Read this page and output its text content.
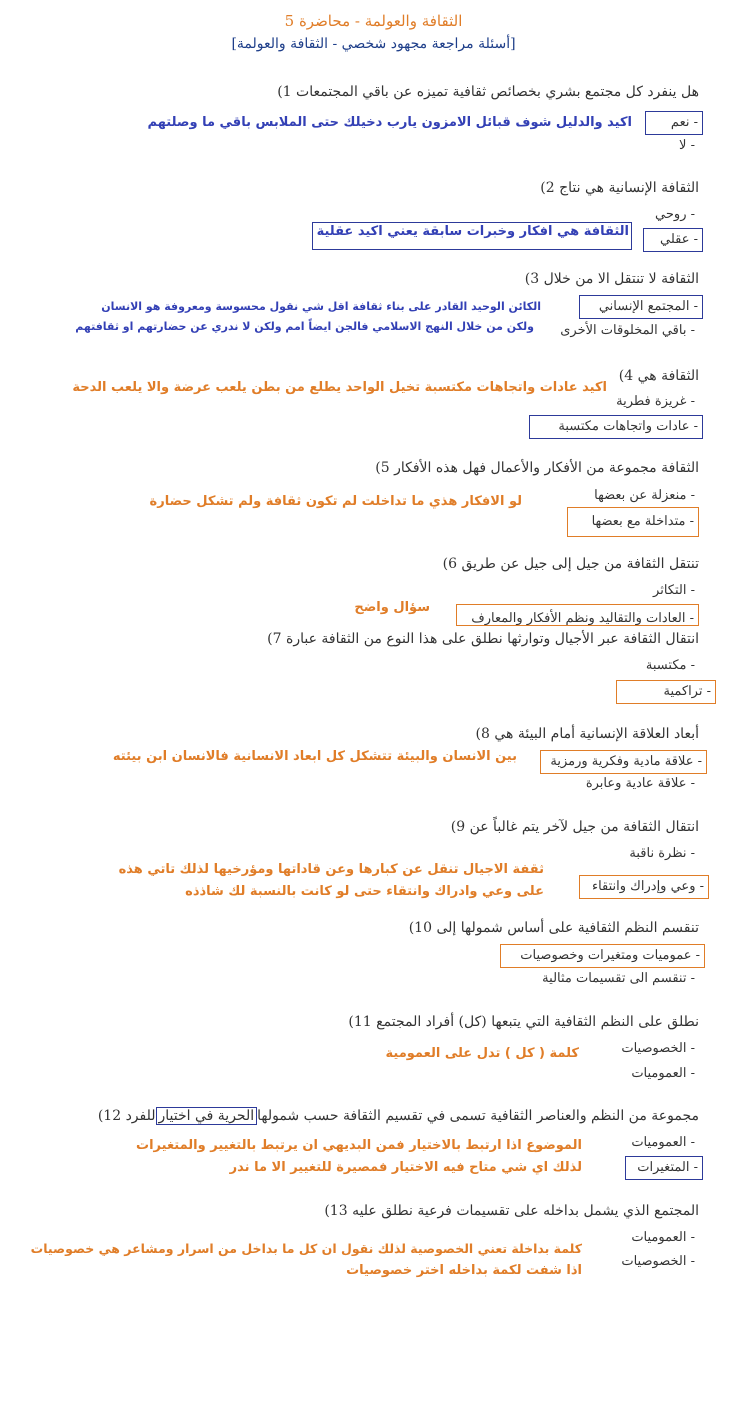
الثقافة والعولمة - محاضرة 5
[أسئلة مراجعة مجهود شخصي - الثقافة والعولمة]
هل ينفرد كل مجتمع بشري بخصائص ثقافية تميزه عن باقي المجتمعات 1)
- نعم
- لا
اكيد والدليل شوف قبائل الامزون يارب دخيلك حتى الملابس باقي ما وصلتهم
الثقافة الإنسانية هي نتاج 2)
- روحي
- عقلي
الثقافة هي افكار وخبرات سابقة يعني اكيد عقلية
الثقافة لا تنتقل الا من خلال 3)
- المجتمع الإنساني
- باقي المخلوقات الأخرى
الكائن الوحيد القادر على بناء ثقافة اقل شي نقول محسوسة ومعروفة هو الانسان
ولكن من خلال النهج الاسلامي فالجن ايضاً امم ولكن لا ندري عن حضارتهم او ثقافتهم
الثقافة هي 4)
- غريزة فطرية
- عادات واتجاهات مكتسبة
اكيد عادات واتجاهات مكتسبة تخيل الواحد يطلع من بطن يلعب عرضة والا يلعب الدحة
الثقافة مجموعة من الأفكار والأعمال فهل هذه الأفكار 5)
- منعزلة عن بعضها
- متداخلة مع بعضها
لو الافكار هذي ما تداخلت لم تكون ثقافة ولم تشكل حضارة
تنتقل الثقافة من جيل إلى جيل عن طريق 6)
- التكاثر
- العادات والتقاليد ونظم الأفكار والمعارف
سؤال واضح
انتقال الثقافة عبر الأجيال وتوارثها نطلق على هذا النوع من الثقافة عبارة 7)
- مكتسبة
- تراكمية
أبعاد العلاقة الإنسانية أمام البيئة هي 8)
- علاقة مادية وفكرية ورمزية
- علاقة عادية وعابرة
بين الانسان والبيئة تتشكل كل ابعاد الانسانية فالانسان ابن بيئته
انتقال الثقافة من جيل لآخر يتم غالباً عن 9)
- نظرة ناقبة
- وعي وإدراك وانتقاء
ثقفة الاجيال تنقل عن كبارها وعن قاداتها ومؤرخيها لذلك تاتي هذه
على وعي وادراك وانتقاء حتى لو كانت بالنسبة لك شاذذه
تنقسم النظم الثقافية على أساس شمولها إلى 10)
- عموميات ومتغيرات وخصوصيات
- تنقسم الى تقسيمات مثالية
نطلق على النظم الثقافية التي يتبعها (كل) أفراد المجتمع 11)
- الخصوصيات
- العموميات
كلمة ( كل ) تدل على العمومية
مجموعة من النظم والعناصر الثقافية تسمى في تقسيم الثقافة حسب شمولهاالحرية في اختيارللفرد 12)
- العموميات
- المتغيرات
الموضوع اذا ارتبط بالاختيار فمن البديهي ان يرتبط بالتغيير والمتغيرات
لذلك اي شي متاح فيه الاختيار فمصيرة للتغيير الا ما ندر
المجتمع الذي يشمل بداخله على تقسيمات فرعية نطلق عليه 13)
- العموميات
- الخصوصيات
كلمة بداخلة تعني الخصوصية لذلك نقول ان كل ما بداخل من اسرار ومشاعر هي خصوصيات
اذا شفت لكمة بداخله اختر خصوصيات
